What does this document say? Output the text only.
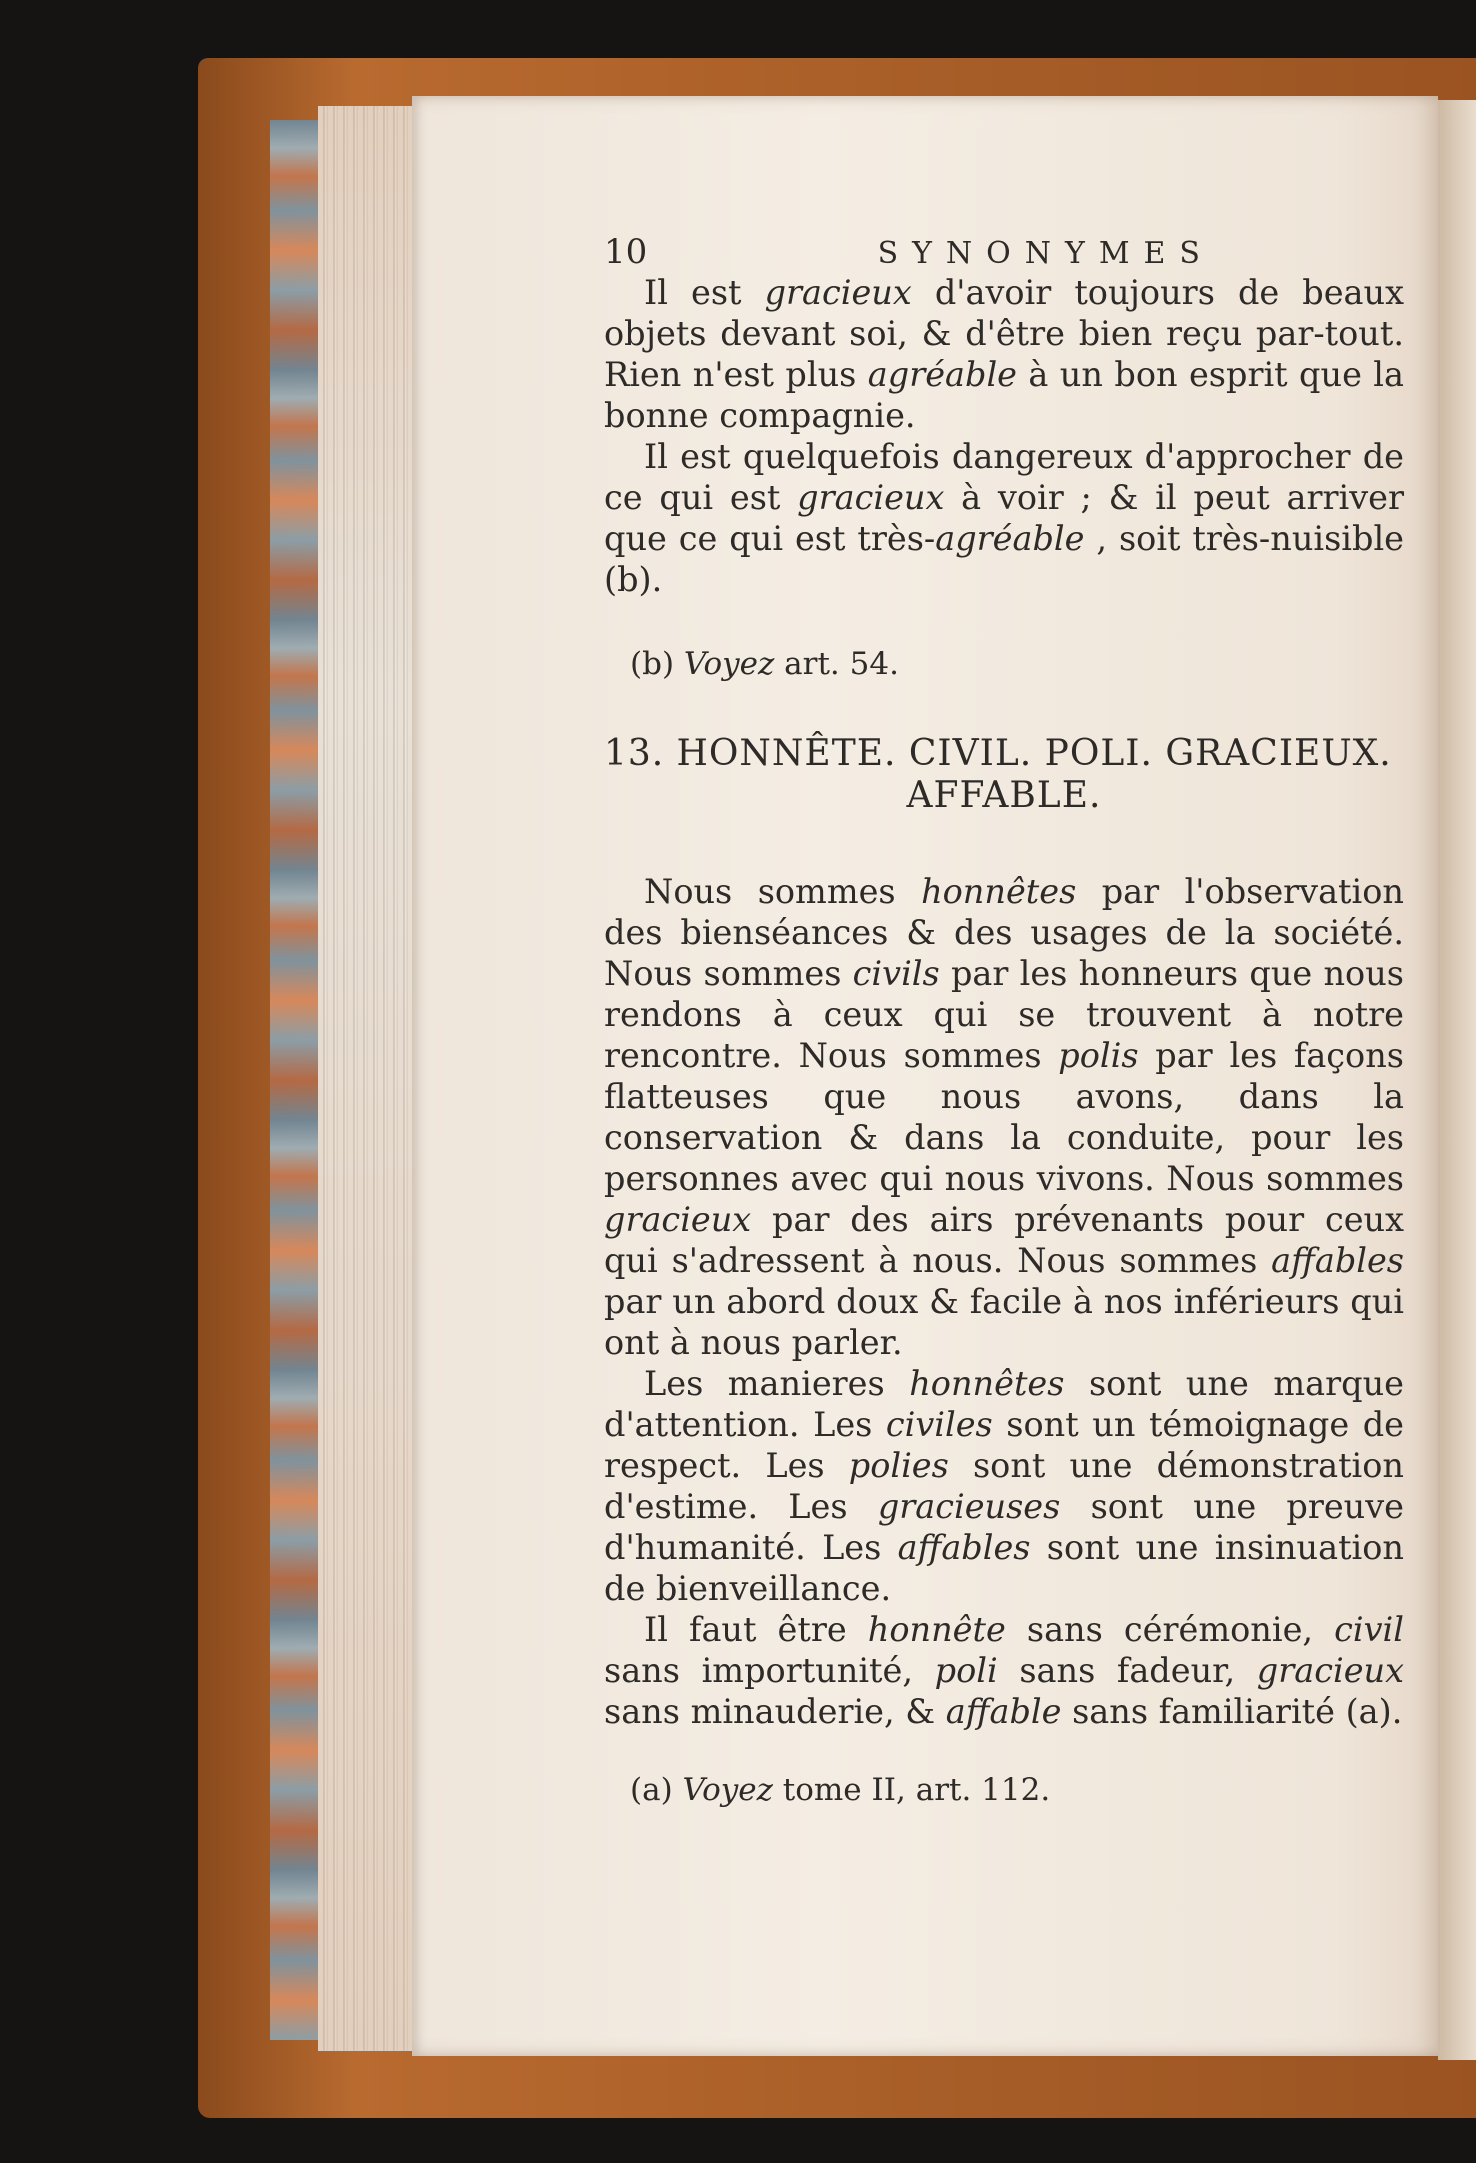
10	SYNONYMES

Il est gracieux d'avoir toujours de beaux objets devant soi, & d'être bien reçu par-tout. Rien n'est plus agréable à un bon esprit que la bonne compagnie.

Il est quelquefois dangereux d'approcher de ce qui est gracieux à voir ; & il peut arriver que ce qui est très-agréable , soit très-nuisible (b).

(b) Voyez art. 54.

13. HONNÊTE. CIVIL. POLI. GRACIEUX. AFFABLE.

Nous sommes honnêtes par l'observation des bienséances & des usages de la société. Nous sommes civils par les honneurs que nous rendons à ceux qui se trouvent à notre rencontre. Nous sommes polis par les façons flatteuses que nous avons, dans la conservation & dans la conduite, pour les personnes avec qui nous vivons. Nous sommes gracieux par des airs prévenants pour ceux qui s'adressent à nous. Nous sommes affables par un abord doux & facile à nos inférieurs qui ont à nous parler.

Les manieres honnêtes sont une marque d'attention. Les civiles sont un témoignage de respect. Les polies sont une démonstration d'estime. Les gracieuses sont une preuve d'humanité. Les affables sont une insinuation de bienveillance.

Il faut être honnête sans cérémonie, civil sans importunité, poli sans fadeur, gracieux sans minauderie, & affable sans familiarité (a).

(a) Voyez tome II, art. 112.
